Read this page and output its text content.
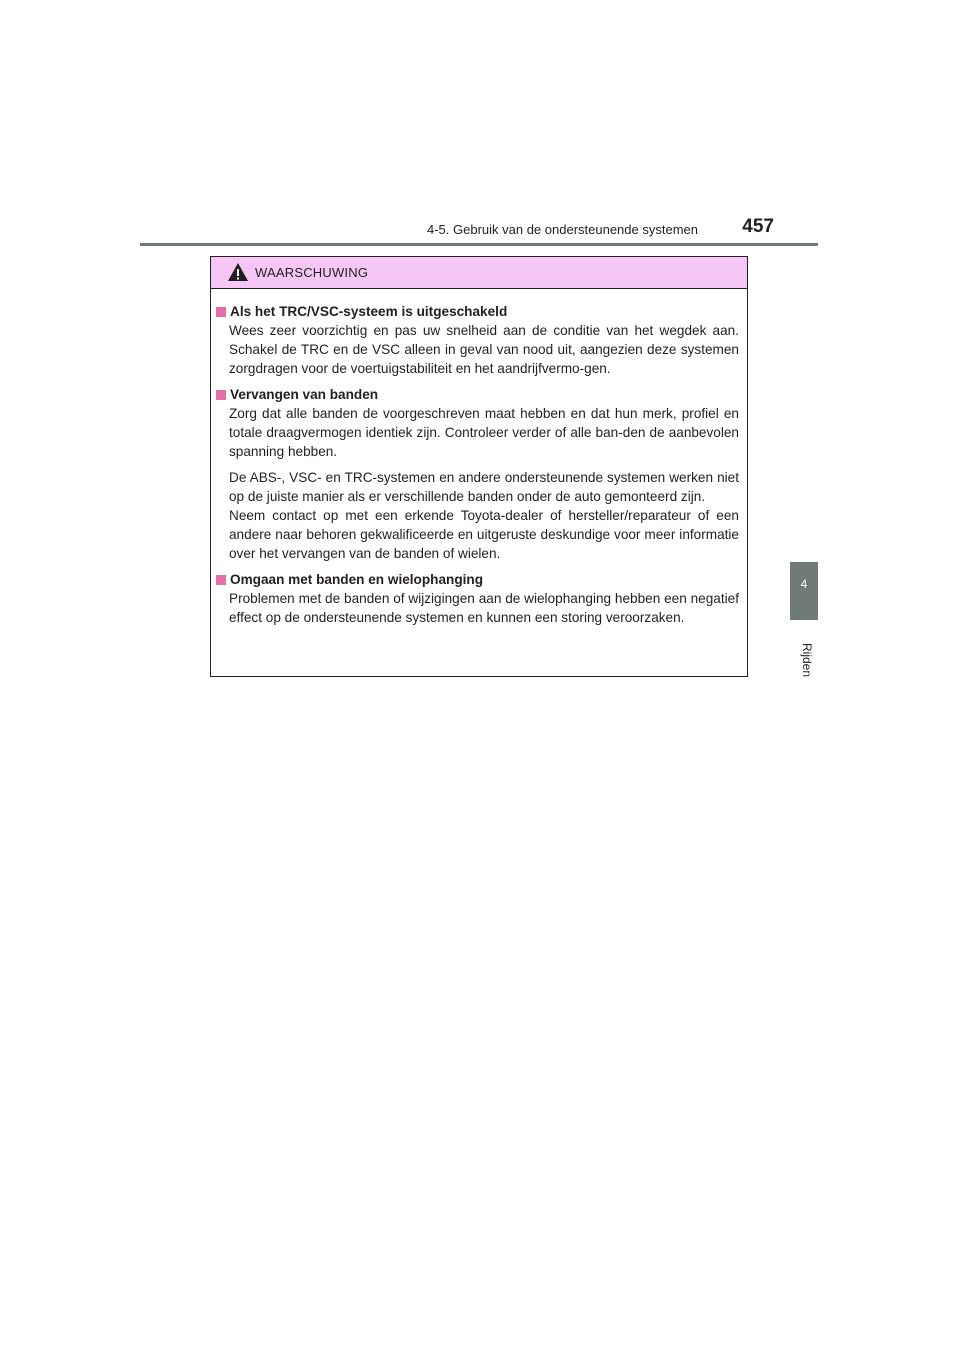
4-5. Gebruik van de ondersteunende systemen 457
4
Rijden
WAARSCHUWING
Als het TRC/VSC-systeem is uitgeschakeld

Wees zeer voorzichtig en pas uw snelheid aan de conditie van het wegdek aan. Schakel de TRC en de VSC alleen in geval van nood uit, aangezien deze systemen zorgdragen voor de voertuigstabiliteit en het aandrijfvermo-gen.

Vervangen van banden

Zorg dat alle banden de voorgeschreven maat hebben en dat hun merk, profiel en totale draagvermogen identiek zijn. Controleer verder of alle ban-den de aanbevolen spanning hebben.

De ABS-, VSC- en TRC-systemen en andere ondersteunende systemen werken niet op de juiste manier als er verschillende banden onder de auto gemonteerd zijn.
Neem contact op met een erkende Toyota-dealer of hersteller/reparateur of een andere naar behoren gekwalificeerde en uitgeruste deskundige voor meer informatie over het vervangen van de banden of wielen.

Omgaan met banden en wielophanging

Problemen met de banden of wijzigingen aan de wielophanging hebben een negatief effect op de ondersteunende systemen en kunnen een storing veroorzaken.
